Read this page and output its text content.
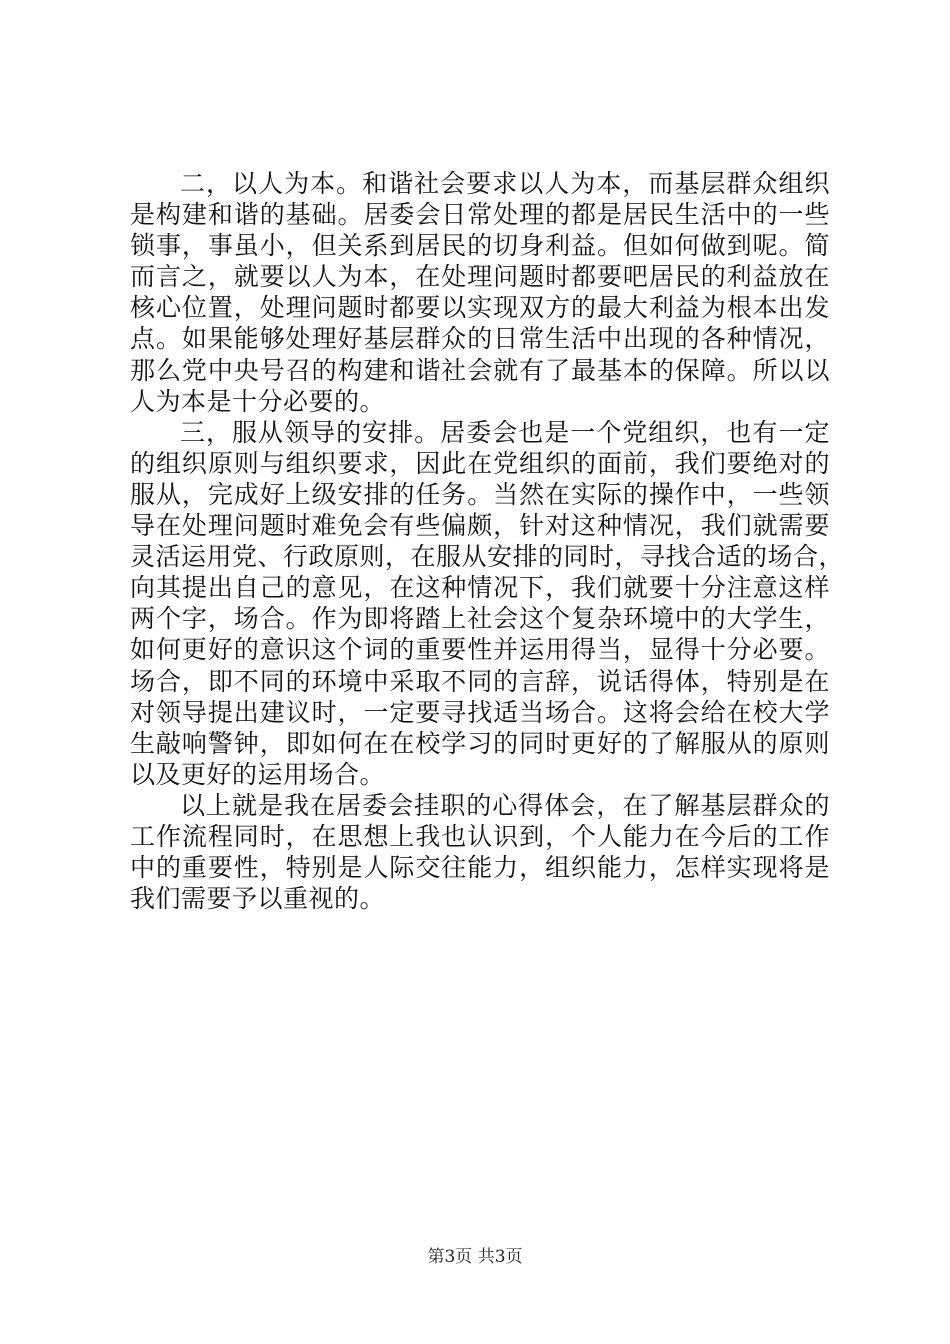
二，以人为本。和谐社会要求以人为本，而基层群众组织
是构建和谐的基础。居委会日常处理的都是居民生活中的一些
锁事，事虽小，但关系到居民的切身利益。但如何做到呢。简
而言之，就要以人为本，在处理问题时都要吧居民的利益放在
核心位置，处理问题时都要以实现双方的最大利益为根本出发
点。如果能够处理好基层群众的日常生活中出现的各种情况，
那么党中央号召的构建和谐社会就有了最基本的保障。所以以
人为本是十分必要的。
三，服从领导的安排。居委会也是一个党组织，也有一定
的组织原则与组织要求，因此在党组织的面前，我们要绝对的
服从，完成好上级安排的任务。当然在实际的操作中，一些领
导在处理问题时难免会有些偏颇，针对这种情况，我们就需要
灵活运用党、行政原则，在服从安排的同时，寻找合适的场合，
向其提出自己的意见，在这种情况下，我们就要十分注意这样
两个字，场合。作为即将踏上社会这个复杂环境中的大学生，
如何更好的意识这个词的重要性并运用得当，显得十分必要。
场合，即不同的环境中采取不同的言辞，说话得体，特别是在
对领导提出建议时，一定要寻找适当场合。这将会给在校大学
生敲响警钟，即如何在在校学习的同时更好的了解服从的原则
以及更好的运用场合。
以上就是我在居委会挂职的心得体会，在了解基层群众的
工作流程同时，在思想上我也认识到，个人能力在今后的工作
中的重要性，特别是人际交往能力，组织能力，怎样实现将是
我们需要予以重视的。
第3页 共3页
